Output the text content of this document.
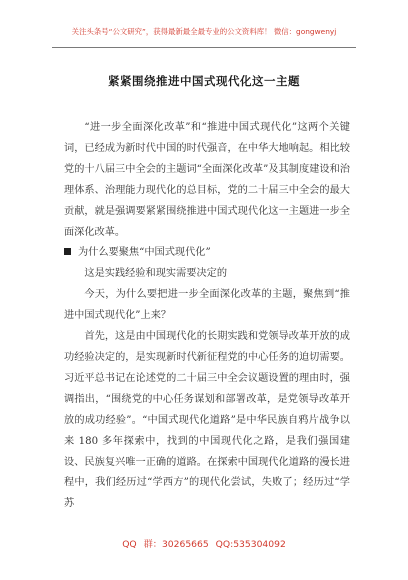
关注头条号“公文研究”，获得最新最全最专业的公文资料库！ 微信：gongwenyj
紧紧围绕推进中国式现代化这一主题

“进一步全面深化改革”和“推进中国式现代化”这两个关键词，已经成为新时代中国的时代强音，在中华大地响起。相比较党的十八届三中全会的主题词“全面深化改革”及其制度建设和治理体系、治理能力现代化的总目标，党的二十届三中全会的最大贡献，就是强调要紧紧围绕推进中国式现代化这一主题进一步全面深化改革。

为什么要聚焦“中国式现代化”

这是实践经验和现实需要决定的

今天，为什么要把进一步全面深化改革的主题，聚焦到“推进中国式现代化”上来？

首先，这是由中国现代化的长期实践和党领导改革开放的成功经验决定的，是实现新时代新征程党的中心任务的迫切需要。习近平总书记在论述党的二十届三中全会议题设置的理由时，强调指出，“围绕党的中心任务谋划和部署改革，是党领导改革开放的成功经验”。“中国式现代化道路”是中华民族自鸦片战争以来 180 多年探索中，找到的中国现代化之路，是我们强国建设、民族复兴唯一正确的道路。在探索中国现代化道路的漫长进程中，我们经历过“学西方”的现代化尝试，失败了；经历过“学苏

QQ 群：30265665 QQ:535304092
